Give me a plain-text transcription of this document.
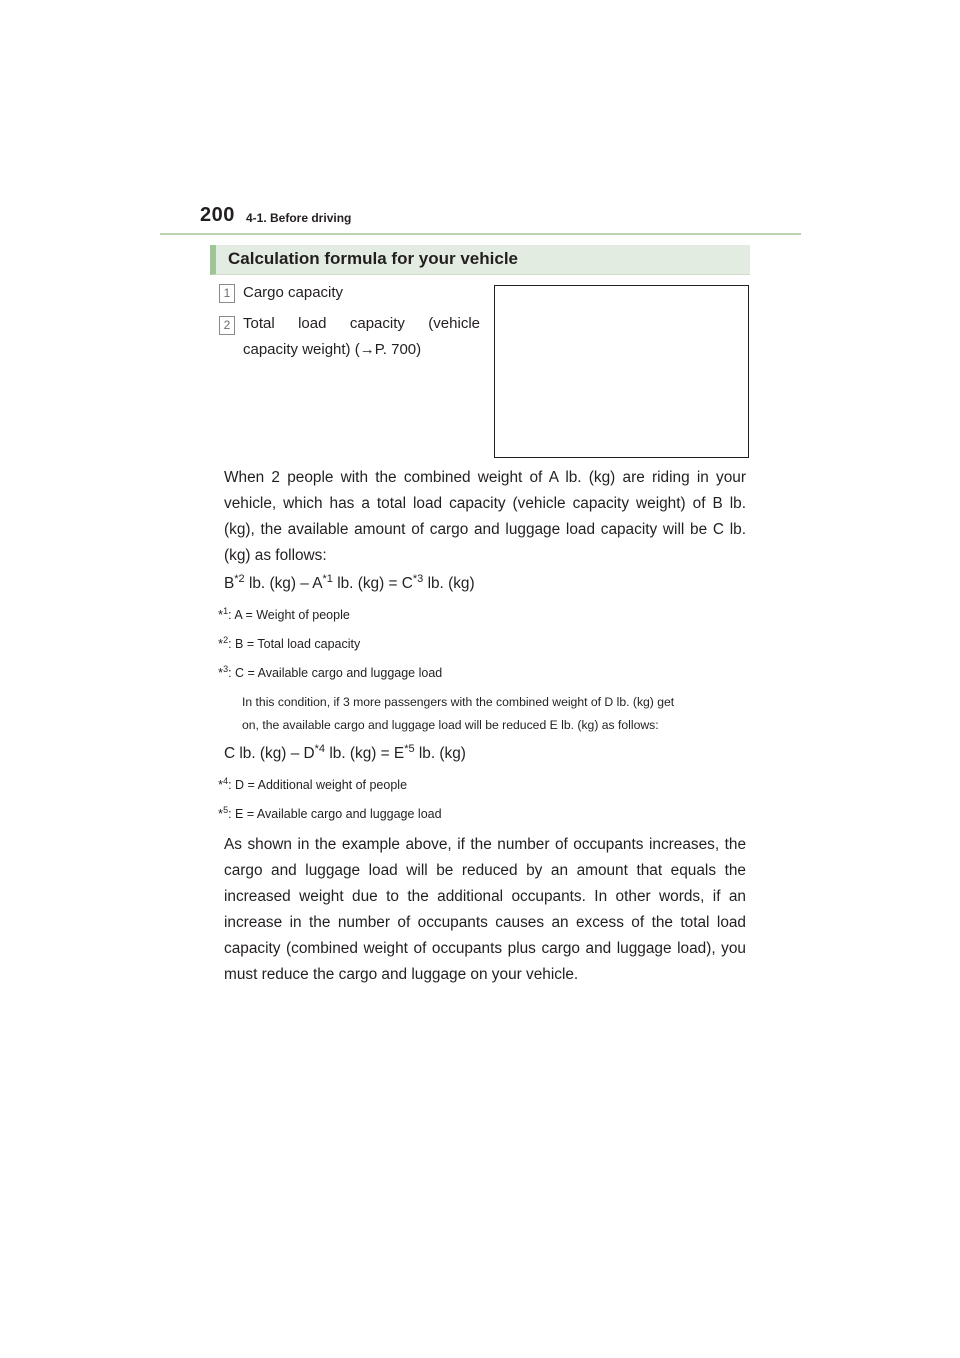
200 4-1. Before driving
Calculation formula for your vehicle
1 Cargo capacity
2 Total load capacity (vehicle
capacity weight) (→P. 700)
When 2 people with the combined weight of A lb. (kg) are riding in your vehicle, which has a total load capacity (vehicle capacity weight) of B lb. (kg), the available amount of cargo and luggage load capacity will be C lb. (kg) as follows:
$B^{*2}$ lb. $(kg) - A^{*1}$ lb. $(kg) = C^{*3}$ lb. (kg)
*$^1$: A = Weight of people
*$^2$: B = Total load capacity
*$^3$: C = Available cargo and luggage load
In this condition, if 3 more passengers with the combined weight of D lb. (kg) get
on, the available cargo and luggage load will be reduced E lb. (kg) as follows:
C lb. $(kg) - D^{*4}$ lb. $(kg) = E^{*5}$ lb. (kg)
*$^4$: D = Additional weight of people
*$^5$: E = Available cargo and luggage load
As shown in the example above, if the number of occupants increases, the cargo and luggage load will be reduced by an amount that equals the increased weight due to the additional occupants. In other words, if an increase in the number of occupants causes an excess of the total load capacity (combined weight of occupants plus cargo and luggage load), you must reduce the cargo and luggage on your vehicle.
